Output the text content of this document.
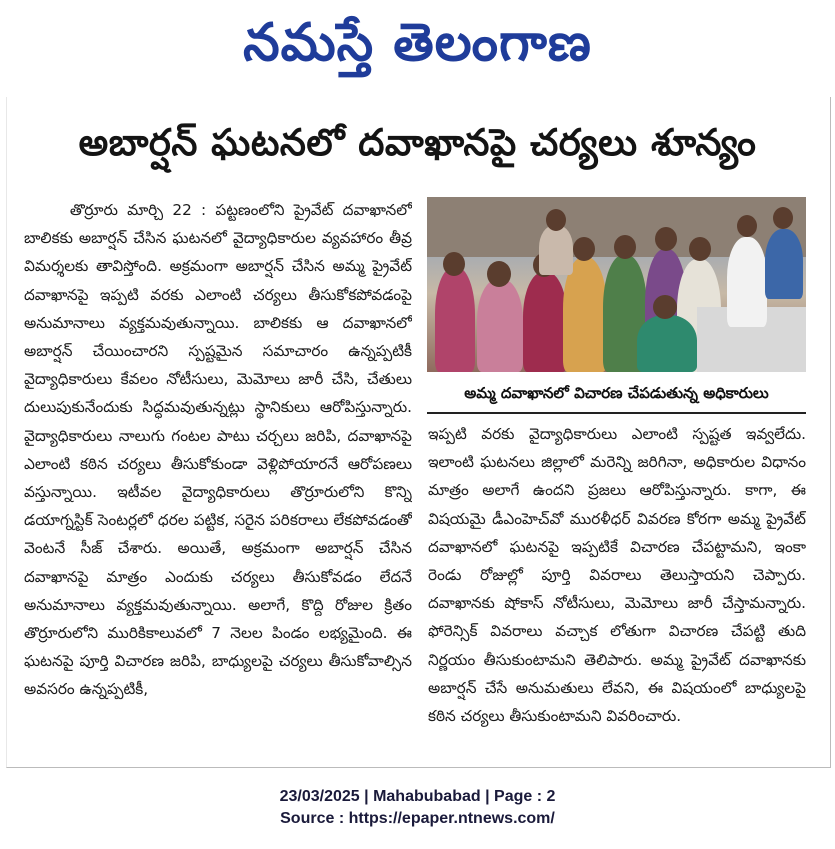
నమస్తే తెలంగాణ
అబార్షన్ ఘటనలో దవాఖానపై చర్యలు శూన్యం

తొర్రూరు మార్చి 22 : పట్టణంలోని ప్రైవేట్ దవాఖానలో బాలికకు అబార్షన్ చేసిన ఘటనలో వైద్యాధికారుల వ్యవహారం తీవ్ర విమర్శలకు తావిస్తోంది. అక్రమంగా అబార్షన్ చేసిన అమ్మ ప్రైవేట్ దవాఖానపై ఇప్పటి వరకు ఎలాంటి చర్యలు తీసుకోకపోవడంపై అనుమానాలు వ్యక్తమవుతున్నాయి. బాలికకు ఆ దవాఖానలో అబార్షన్ చేయించారని స్పష్టమైన సమాచారం ఉన్నప్పటికీ వైద్యాధికారులు కేవలం నోటీసులు, మెమోలు జారీ చేసి, చేతులు దులుపుకునేందుకు సిద్ధమవుతున్నట్లు స్థానికులు ఆరోపిస్తున్నారు. వైద్యాధికారులు నాలుగు గంటల పాటు చర్చలు జరిపి, దవాఖానపై ఎలాంటి కఠిన చర్యలు తీసుకోకుండా వెళ్లిపోయారనే ఆరోపణలు వస్తున్నాయి. ఇటీవల వైద్యాధికారులు తొర్రూరులోని కొన్ని డయాగ్నస్టిక్ సెంటర్లలో ధరల పట్టిక, సరైన పరికరాలు లేకపోవడంతో వెంటనే సీజ్ చేశారు. అయితే, అక్రమంగా అబార్షన్ చేసిన దవాఖానపై మాత్రం ఎందుకు చర్యలు తీసుకోవడం లేదనే అనుమానాలు వ్యక్తమవుతున్నాయి. అలాగే, కొద్ది రోజుల క్రితం తొర్రూరులోని మురికికాలువలో 7 నెలల పిండం లభ్యమైంది. ఈ ఘటనపై పూర్తి విచారణ జరిపి, బాధ్యులపై చర్యలు తీసుకోవాల్సిన అవసరం ఉన్నప్పటికీ,

అమ్మ దవాఖానలో విచారణ చేపడుతున్న అధికారులు

ఇప్పటి వరకు వైద్యాధికారులు ఎలాంటి స్పష్టత ఇవ్వలేదు. ఇలాంటి ఘటనలు జిల్లాలో మరెన్ని జరిగినా, అధికారుల విధానం మాత్రం అలాగే ఉందని ప్రజలు ఆరోపిస్తున్నారు. కాగా, ఈ విషయమై డీఎంహెచ్‌వో మురళీధర్ వివరణ కోరగా అమ్మ ప్రైవేట్ దవాఖానలో ఘటనపై ఇప్పటికే విచారణ చేపట్టామని, ఇంకా రెండు రోజుల్లో పూర్తి వివరాలు తెలుస్తాయని చెప్పారు. దవాఖానకు షోకాస్ నోటీసులు, మెమోలు జారీ చేస్తామన్నారు. ఫోరెన్సిక్ వివరాలు వచ్చాక లోతుగా విచారణ చేపట్టి తుది నిర్ణయం తీసుకుంటామని తెలిపారు. అమ్మ ప్రైవేట్ దవాఖానకు అబార్షన్ చేసే అనుమతులు లేవని, ఈ విషయంలో బాధ్యులపై కఠిన చర్యలు తీసుకుంటామని వివరించారు.

23/03/2025 | Mahabubabad | Page : 2
Source : https://epaper.ntnews.com/
